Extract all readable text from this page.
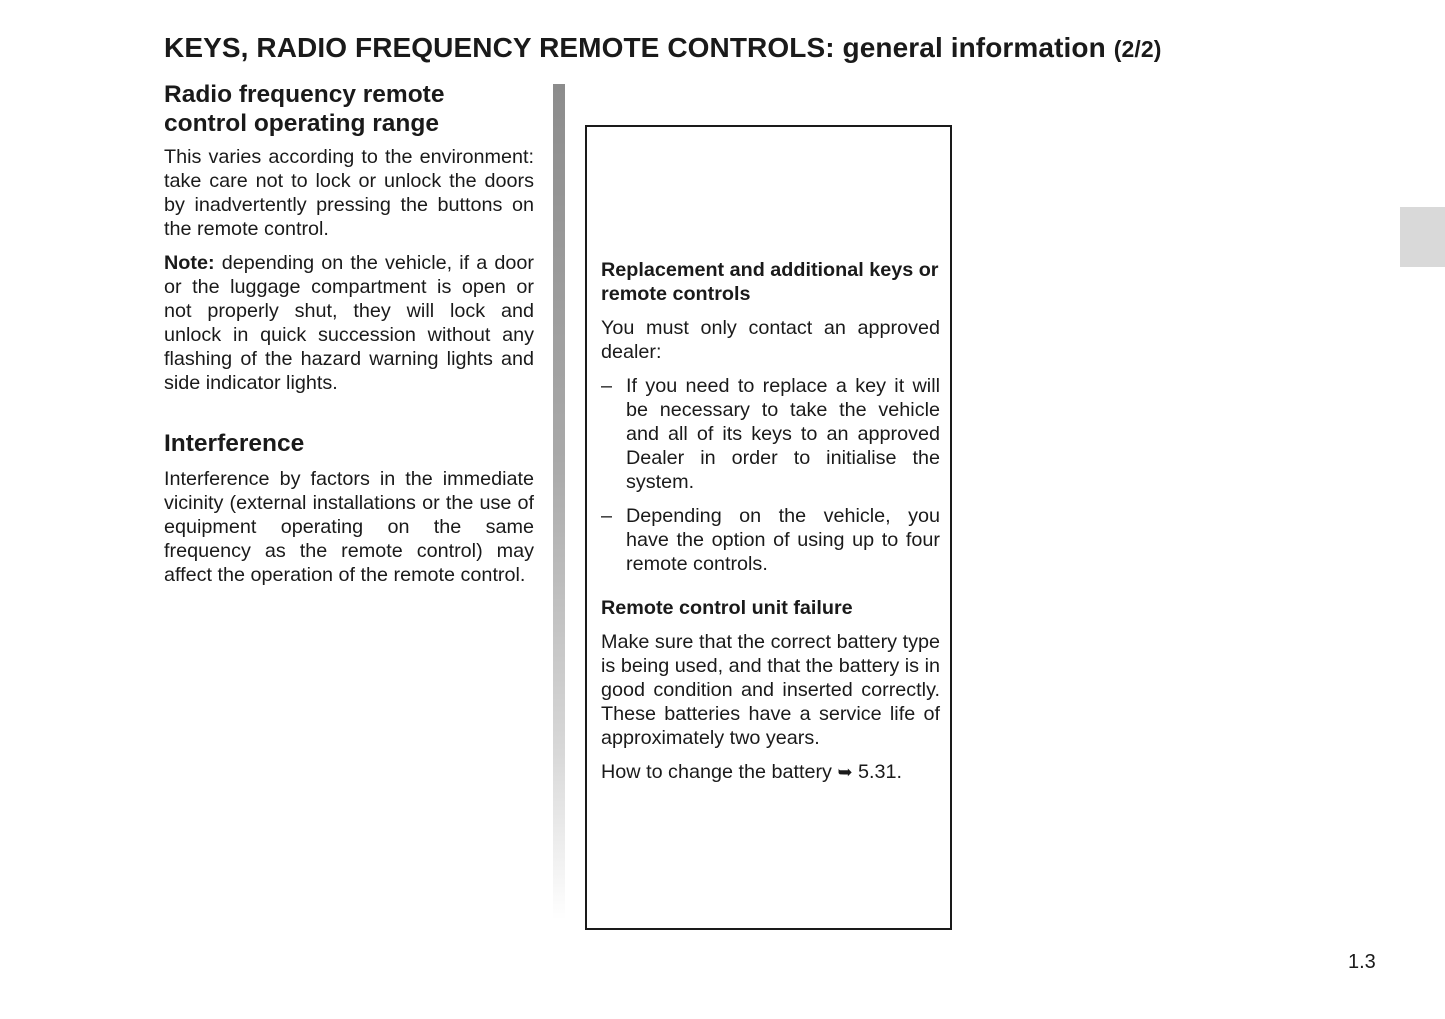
KEYS, RADIO FREQUENCY REMOTE CONTROLS: general information (2/2)
Radio frequency remote control operating range

This varies according to the environment: take care not to lock or unlock the doors by inadvertently pressing the buttons on the remote control.

Note: depending on the vehicle, if a door or the luggage compartment is open or not properly shut, they will lock and unlock in quick succession without any flashing of the hazard warning lights and side indicator lights.

Interference

Interference by factors in the immediate vicinity (external installations or the use of equipment operating on the same frequency as the remote control) may affect the operation of the remote control.

Replacement and additional keys or remote controls

You must only contact an approved dealer:

– If you need to replace a key it will be necessary to take the vehicle and all of its keys to an approved Dealer in order to initialise the system.
– Depending on the vehicle, you have the option of using up to four remote controls.
Remote control unit failure

Make sure that the correct battery type is being used, and that the battery is in good condition and inserted correctly. These batteries have a service life of approximately two years.

How to change the battery ➥ 5.31.

1.3
